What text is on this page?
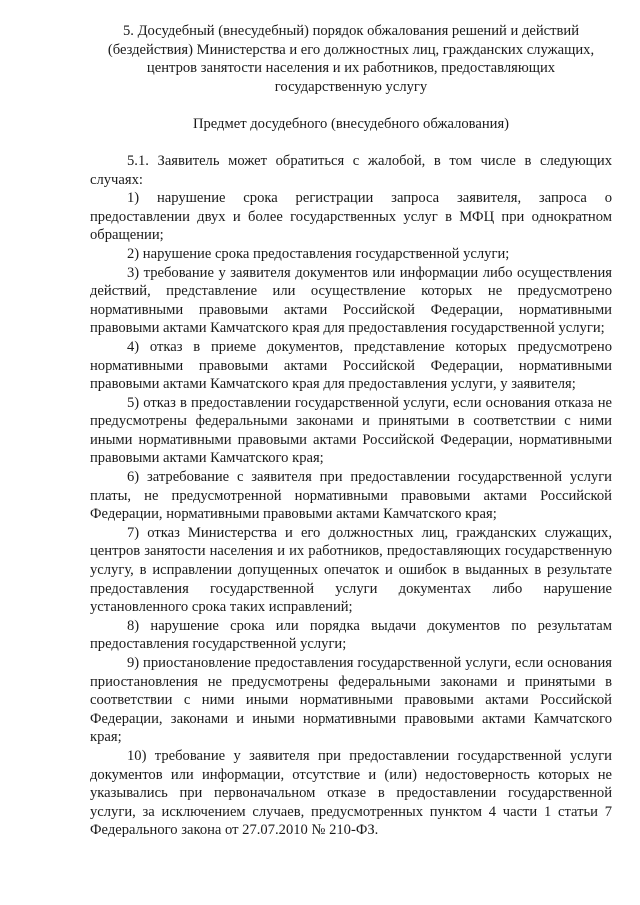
5. Досудебный (внесудебный) порядок обжалования решений и действий (бездействия) Министерства и его должностных лиц, гражданских служащих, центров занятости населения и их работников, предоставляющих государственную услугу

Предмет досудебного (внесудебного обжалования)

5.1. Заявитель может обратиться с жалобой, в том числе в следующих случаях:

1) нарушение срока регистрации запроса заявителя, запроса о предоставлении двух и более государственных услуг в МФЦ при однократном обращении;

2) нарушение срока предоставления государственной услуги;

3) требование у заявителя документов или информации либо осуществления действий, представление или осуществление которых не предусмотрено нормативными правовыми актами Российской Федерации, нормативными правовыми актами Камчатского края для предоставления государственной услуги;

4) отказ в приеме документов, представление которых предусмотрено нормативными правовыми актами Российской Федерации, нормативными правовыми актами Камчатского края для предоставления услуги, у заявителя;

5) отказ в предоставлении государственной услуги, если основания отказа не предусмотрены федеральными законами и принятыми в соответствии с ними иными нормативными правовыми актами Российской Федерации, нормативными правовыми актами Камчатского края;

6) затребование с заявителя при предоставлении государственной услуги платы, не предусмотренной нормативными правовыми актами Российской Федерации, нормативными правовыми актами Камчатского края;

7) отказ Министерства и его должностных лиц, гражданских служащих, центров занятости населения и их работников, предоставляющих государственную услугу, в исправлении допущенных опечаток и ошибок в выданных в результате предоставления государственной услуги документах либо нарушение установленного срока таких исправлений;

8) нарушение срока или порядка выдачи документов по результатам предоставления государственной услуги;

9) приостановление предоставления государственной услуги, если основания приостановления не предусмотрены федеральными законами и принятыми в соответствии с ними иными нормативными правовыми актами Российской Федерации, законами и иными нормативными правовыми актами Камчатского края;

10) требование у заявителя при предоставлении государственной услуги документов или информации, отсутствие и (или) недостоверность которых не указывались при первоначальном отказе в предоставлении государственной услуги, за исключением случаев, предусмотренных пунктом 4 части 1 статьи 7 Федерального закона от 27.07.2010 № 210-ФЗ.
